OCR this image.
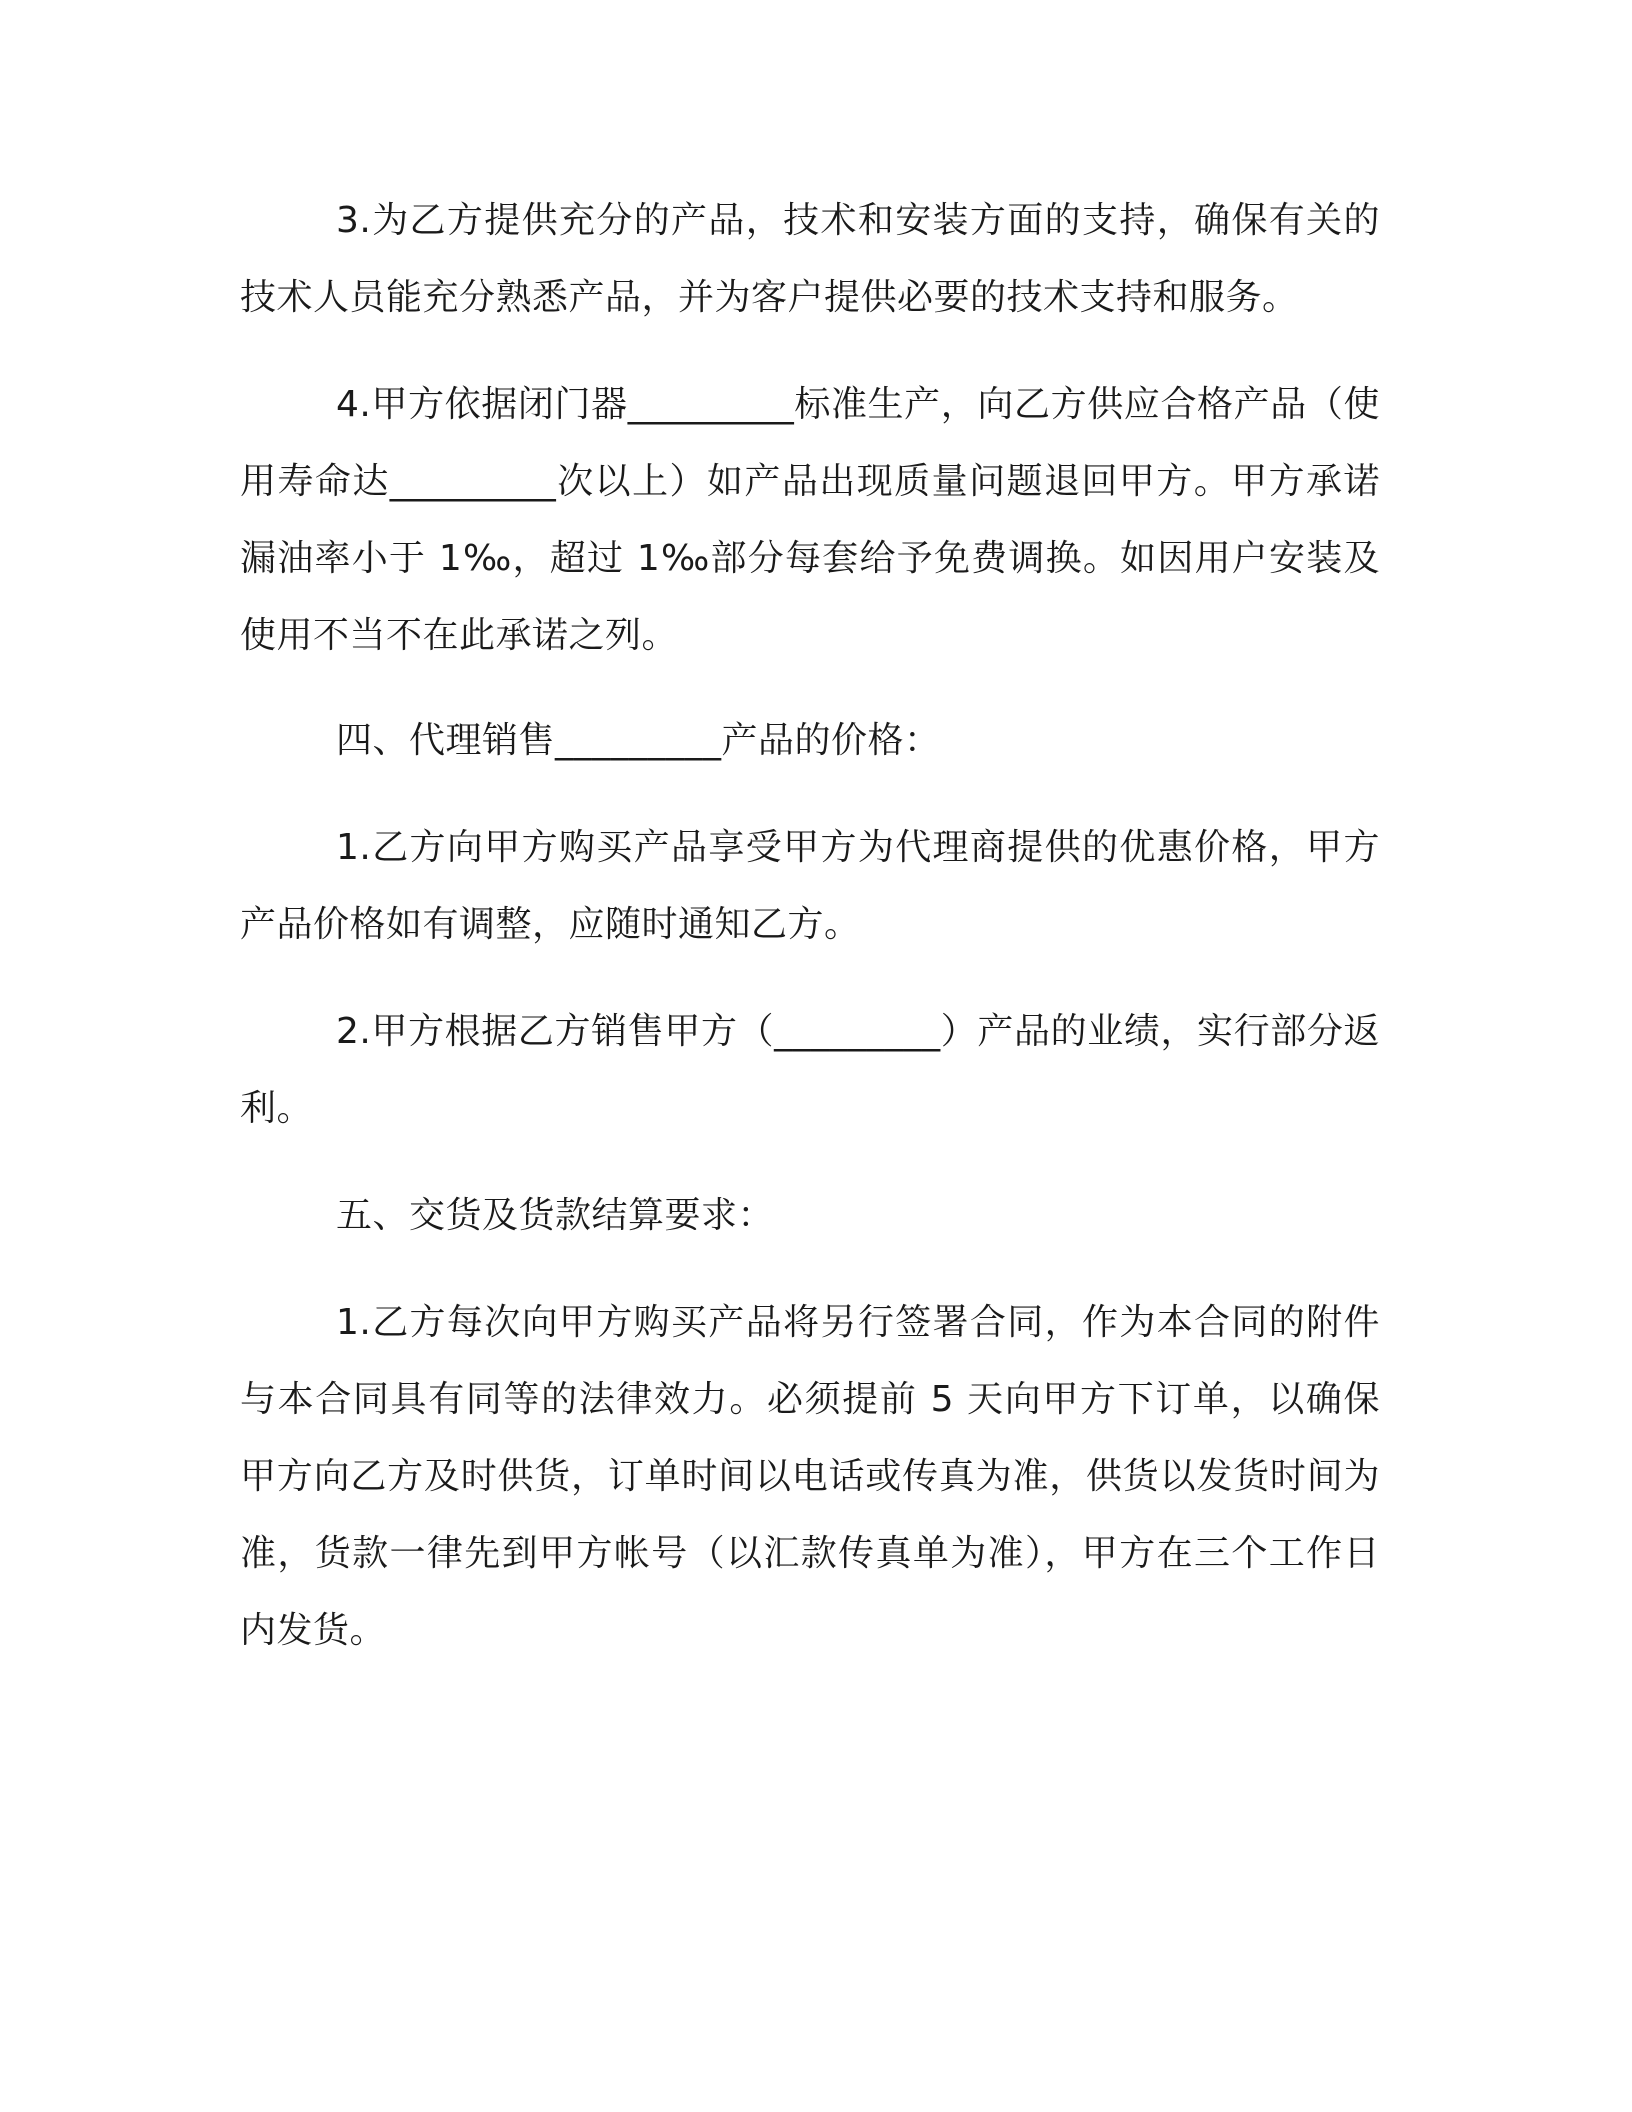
3.为乙方提供充分的产品，技术和安装方面的支持，确保有关的技术人员能充分熟悉产品，并为客户提供必要的技术支持和服务。

4.甲方依据闭门器_________标准生产，向乙方供应合格产品（使用寿命达_________次以上）如产品出现质量问题退回甲方。甲方承诺漏油率小于 1‰，超过 1‰部分每套给予免费调换。如因用户安装及使用不当不在此承诺之列。

四、代理销售_________产品的价格：

1.乙方向甲方购买产品享受甲方为代理商提供的优惠价格，甲方产品价格如有调整，应随时通知乙方。

2.甲方根据乙方销售甲方（_________）产品的业绩，实行部分返利。

五、交货及货款结算要求：

1.乙方每次向甲方购买产品将另行签署合同，作为本合同的附件与本合同具有同等的法律效力。必须提前 5 天向甲方下订单，以确保甲方向乙方及时供货，订单时间以电话或传真为准，供货以发货时间为准，货款一律先到甲方帐号（以汇款传真单为准），甲方在三个工作日内发货。
